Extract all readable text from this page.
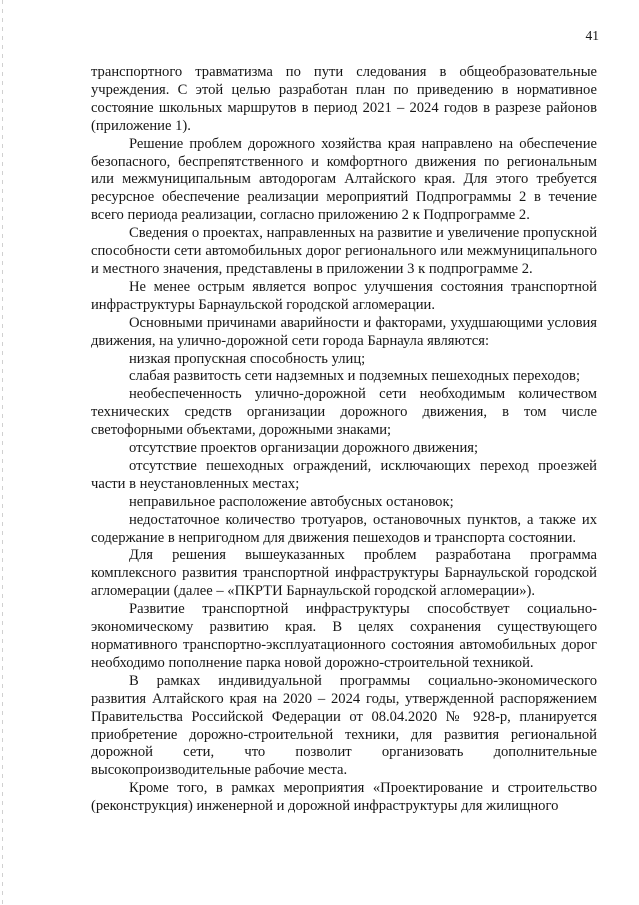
41

транспортного травматизма по пути следования в общеобразовательные учреждения. С этой целью разработан план по приведению в нормативное состояние школьных маршрутов в период 2021 – 2024 годов в разрезе районов (приложение 1).

Решение проблем дорожного хозяйства края направлено на обеспечение безопасного, беспрепятственного и комфортного движения по региональным или межмуниципальным автодорогам Алтайского края. Для этого требуется ресурсное обеспечение реализации мероприятий Подпрограммы 2 в течение всего периода реализации, согласно приложению 2 к Подпрограмме 2.

Сведения о проектах, направленных на развитие и увеличение пропускной способности сети автомобильных дорог регионального или межмуниципального и местного значения, представлены в приложении 3 к подпрограмме 2.

Не менее острым является вопрос улучшения состояния транспортной инфраструктуры Барнаульской городской агломерации.

Основными причинами аварийности и факторами, ухудшающими условия движения, на улично-дорожной сети города Барнаула являются:

низкая пропускная способность улиц;

слабая развитость сети надземных и подземных пешеходных переходов;

необеспеченность улично-дорожной сети необходимым количеством технических средств организации дорожного движения, в том числе светофорными объектами, дорожными знаками;

отсутствие проектов организации дорожного движения;

отсутствие пешеходных ограждений, исключающих переход проезжей части в неустановленных местах;

неправильное расположение автобусных остановок;

недостаточное количество тротуаров, остановочных пунктов, а также их содержание в непригодном для движения пешеходов и транспорта состоянии.

Для решения вышеуказанных проблем разработана программа комплексного развития транспортной инфраструктуры Барнаульской городской агломерации (далее – «ПКРТИ Барнаульской городской агломерации»).

Развитие транспортной инфраструктуры способствует социально-экономическому развитию края. В целях сохранения существующего нормативного транспортно-эксплуатационного состояния автомобильных дорог необходимо пополнение парка новой дорожно-строительной техникой.

В рамках индивидуальной программы социально-экономического развития Алтайского края на 2020 – 2024 годы, утвержденной распоряжением Правительства Российской Федерации от 08.04.2020 № 928-р, планируется приобретение дорожно-строительной техники, для развития региональной дорожной сети, что позволит организовать дополнительные высокопроизводительные рабочие места.

Кроме того, в рамках мероприятия «Проектирование и строительство (реконструкция) инженерной и дорожной инфраструктуры для жилищного
